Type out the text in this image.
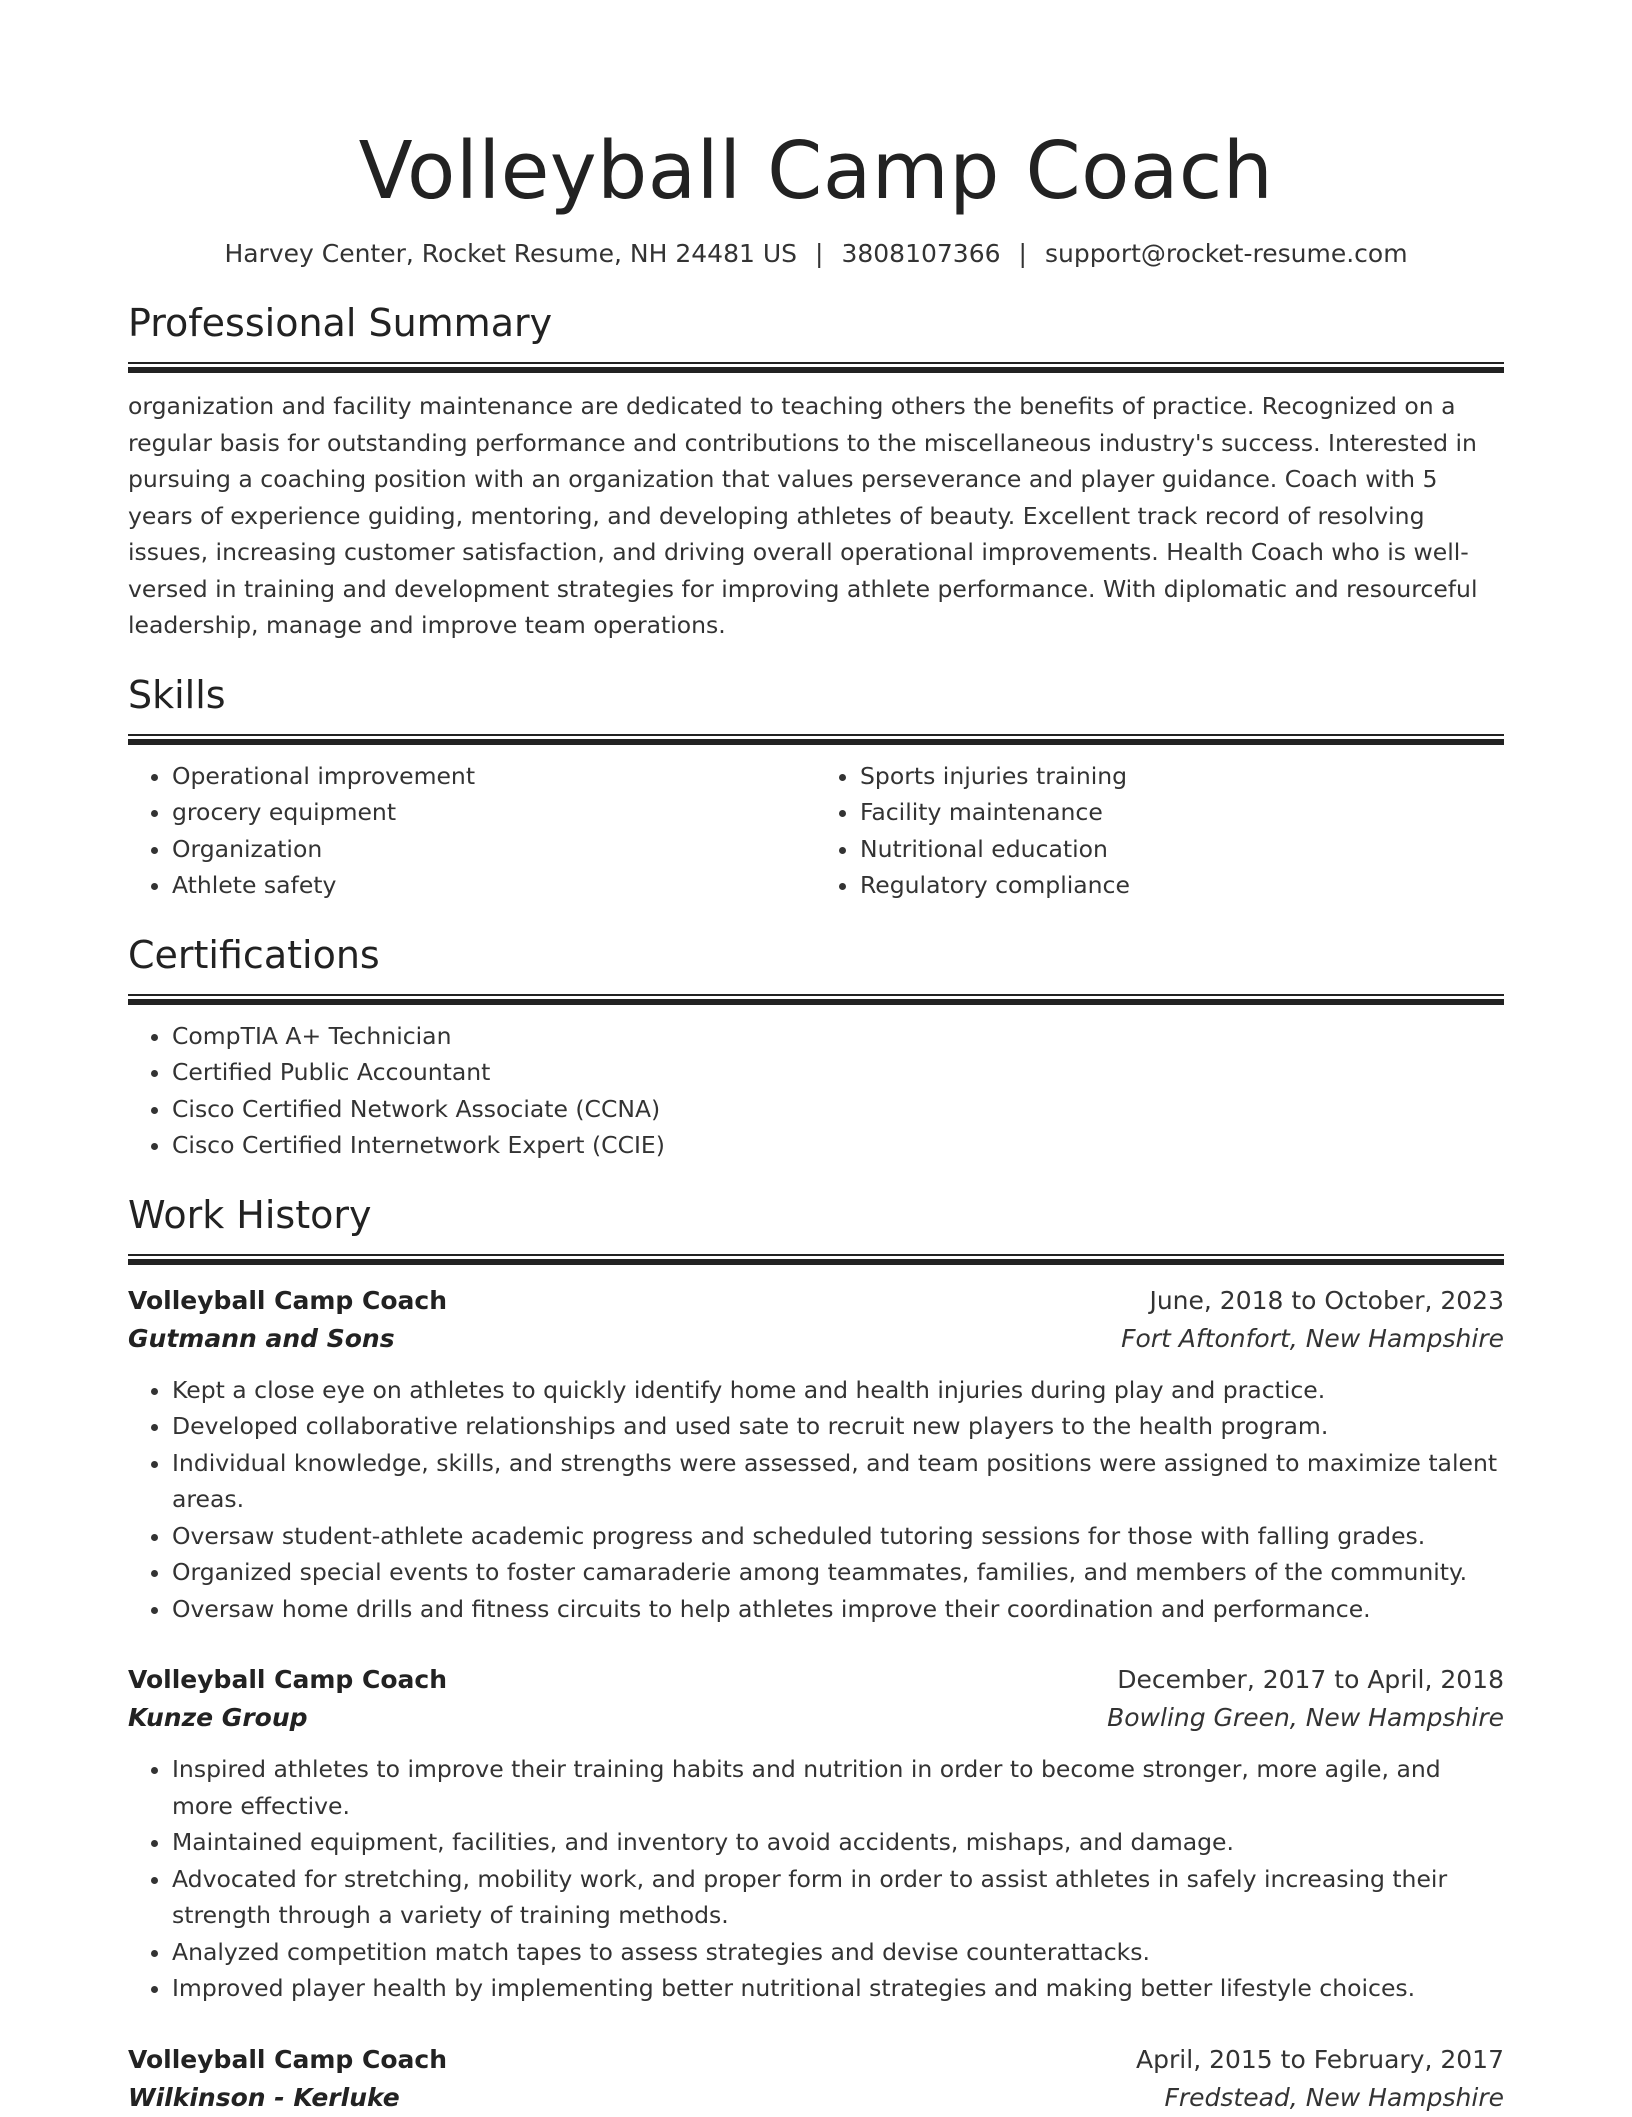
Volleyball Camp Coach
Harvey Center, Rocket Resume, NH 24481 US | 3808107366 | support@rocket-resume.com
Professional Summary
organization and facility maintenance are dedicated to teaching others the benefits of practice. Recognized on a regular basis for outstanding performance and contributions to the miscellaneous industry's success. Interested in pursuing a coaching position with an organization that values perseverance and player guidance. Coach with 5 years of experience guiding, mentoring, and developing athletes of beauty. Excellent track record of resolving issues, increasing customer satisfaction, and driving overall operational improvements. Health Coach who is well-versed in training and development strategies for improving athlete performance. With diplomatic and resourceful leadership, manage and improve team operations.
Skills
• Operational improvement
• grocery equipment
• Organization
• Athlete safety
• Sports injuries training
• Facility maintenance
• Nutritional education
• Regulatory compliance
Certifications
• CompTIA A+ Technician
• Certified Public Accountant
• Cisco Certified Network Associate (CCNA)
• Cisco Certified Internetwork Expert (CCIE)
Work History
Volleyball Camp Coach	June, 2018 to October, 2023
Gutmann and Sons	Fort Aftonfort, New Hampshire
• Kept a close eye on athletes to quickly identify home and health injuries during play and practice.
• Developed collaborative relationships and used sate to recruit new players to the health program.
• Individual knowledge, skills, and strengths were assessed, and team positions were assigned to maximize talent areas.
• Oversaw student-athlete academic progress and scheduled tutoring sessions for those with falling grades.
• Organized special events to foster camaraderie among teammates, families, and members of the community.
• Oversaw home drills and fitness circuits to help athletes improve their coordination and performance.
Volleyball Camp Coach	December, 2017 to April, 2018
Kunze Group	Bowling Green, New Hampshire
• Inspired athletes to improve their training habits and nutrition in order to become stronger, more agile, and more effective.
• Maintained equipment, facilities, and inventory to avoid accidents, mishaps, and damage.
• Advocated for stretching, mobility work, and proper form in order to assist athletes in safely increasing their strength through a variety of training methods.
• Analyzed competition match tapes to assess strategies and devise counterattacks.
• Improved player health by implementing better nutritional strategies and making better lifestyle choices.
Volleyball Camp Coach	April, 2015 to February, 2017
Wilkinson - Kerluke	Fredstead, New Hampshire
